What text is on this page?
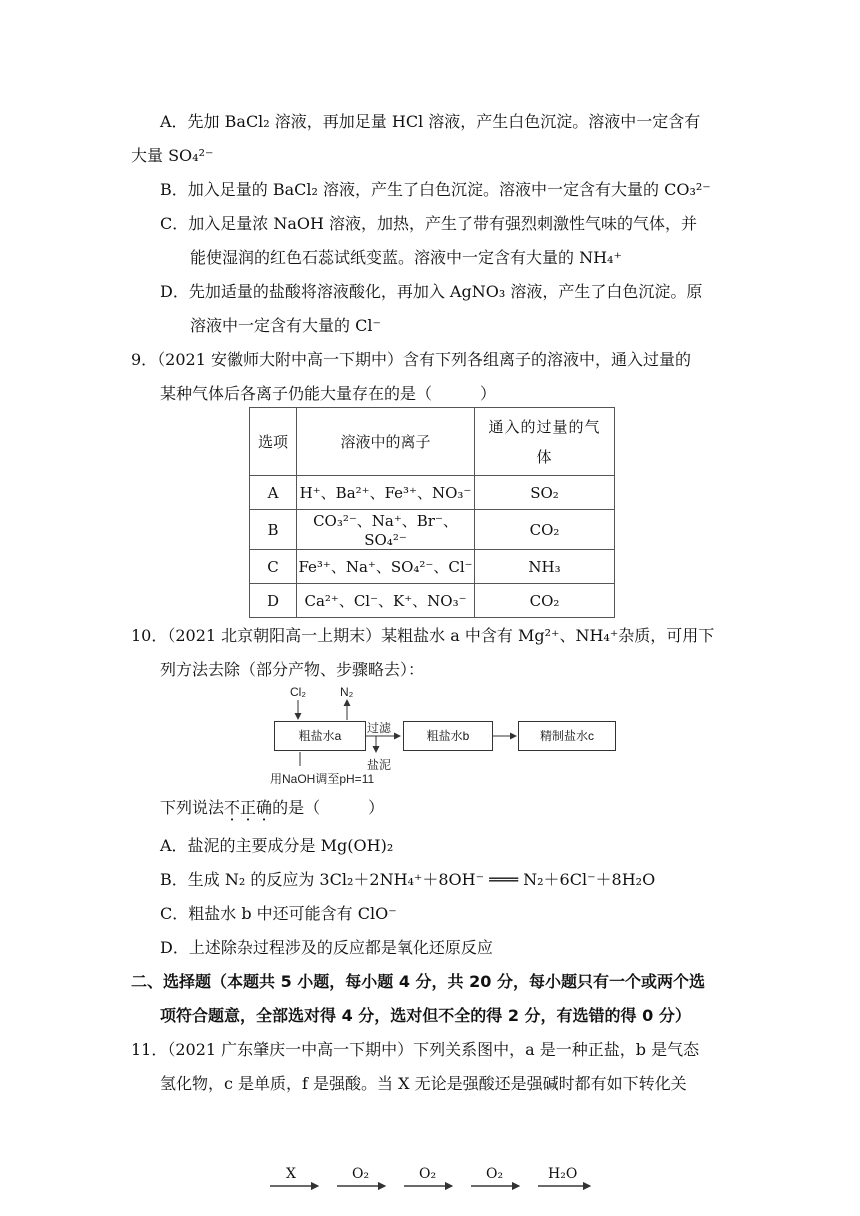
A．先加 BaCl₂ 溶液，再加足量 HCl 溶液，产生白色沉淀。溶液中一定含有
大量 SO₄²⁻
B．加入足量的 BaCl₂ 溶液，产生了白色沉淀。溶液中一定含有大量的 CO₃²⁻
C．加入足量浓 NaOH 溶液，加热，产生了带有强烈刺激性气味的气体，并
能使湿润的红色石蕊试纸变蓝。溶液中一定含有大量的 NH₄⁺
D．先加适量的盐酸将溶液酸化，再加入 AgNO₃ 溶液，产生了白色沉淀。原
溶液中一定含有大量的 Cl⁻
9．（2021 安徽师大附中高一下期中）含有下列各组离子的溶液中，通入过量的
某种气体后各离子仍能大量存在的是（　　　）
选项	溶液中的离子	通入的过量的气体
A	H⁺、Ba²⁺、Fe³⁺、NO₃⁻	SO₂
B	CO₃²⁻、Na⁺、Br⁻、SO₄²⁻	CO₂
C	Fe³⁺、Na⁺、SO₄²⁻、Cl⁻	NH₃
D	Ca²⁺、Cl⁻、K⁺、NO₃⁻	CO₂
10．（2021 北京朝阳高一上期末）某粗盐水 a 中含有 Mg²⁺、NH₄⁺杂质，可用下
列方法去除（部分产物、步骤略去）：
Cl₂	N₂
粗盐水a
过滤
盐泥
粗盐水b	精制盐水c
用NaOH调至pH=11
下列说法不正确的是（　　　）
A．盐泥的主要成分是 Mg(OH)₂
B．生成 N₂ 的反应为 3Cl₂＋2NH₄⁺＋8OH⁻ ═══ N₂＋6Cl⁻＋8H₂O
C．粗盐水 b 中还可能含有 ClO⁻
D．上述除杂过程涉及的反应都是氧化还原反应
二、选择题（本题共 5 小题，每小题 4 分，共 20 分，每小题只有一个或两个选
项符合题意，全部选对得 4 分，选对但不全的得 2 分，有选错的得 0 分）
11．（2021 广东肇庆一中高一下期中）下列关系图中，a 是一种正盐，b 是气态
氢化物，c 是单质，f 是强酸。当 X 无论是强酸还是强碱时都有如下转化关
X	O₂	O₂	O₂	H₂O
